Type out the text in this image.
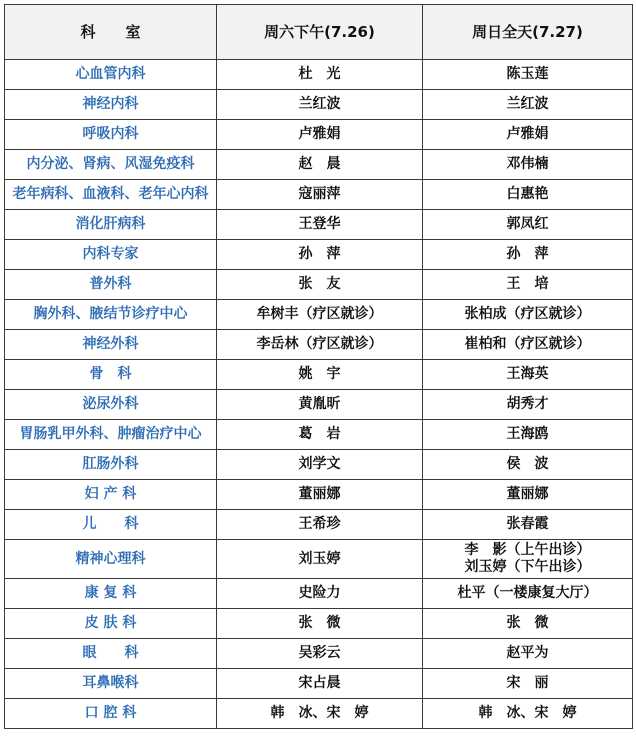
科　　室	周六下午(7.26)	周日全天(7.27)
心血管内科	杜　光	陈玉莲

神经内科	兰红波	兰红波

呼吸内科	卢雅娟	卢雅娟

内分泌、肾病、风湿免疫科	赵　晨	邓伟楠

老年病科、血液科、老年心内科	寇丽萍	白惠艳

消化肝病科	王登华	郭凤红

内科专家	孙　萍	孙　萍

普外科	张　友	王　培

胸外科、腋结节诊疗中心	牟树丰（疗区就诊）	张柏成（疗区就诊）

神经外科	李岳林（疗区就诊）	崔柏和（疗区就诊）

骨　科	姚　宇	王海英

泌尿外科	黄胤昕	胡秀才

胃肠乳甲外科、肿瘤治疗中心	葛　岩	王海鸥

肛肠外科	刘学文	侯　波

妇 产 科	董丽娜	董丽娜

儿　　科	王希珍	张春霞

精神心理科	刘玉婷	李　影（上午出诊）
刘玉婷（下午出诊）

康 复 科	史险力	杜平（一楼康复大厅）

皮 肤 科	张　微	张　微

眼　　科	吴彩云	赵平为

耳鼻喉科	宋占晨	宋　丽

口 腔 科	韩　冰、宋　婷	韩　冰、宋　婷
